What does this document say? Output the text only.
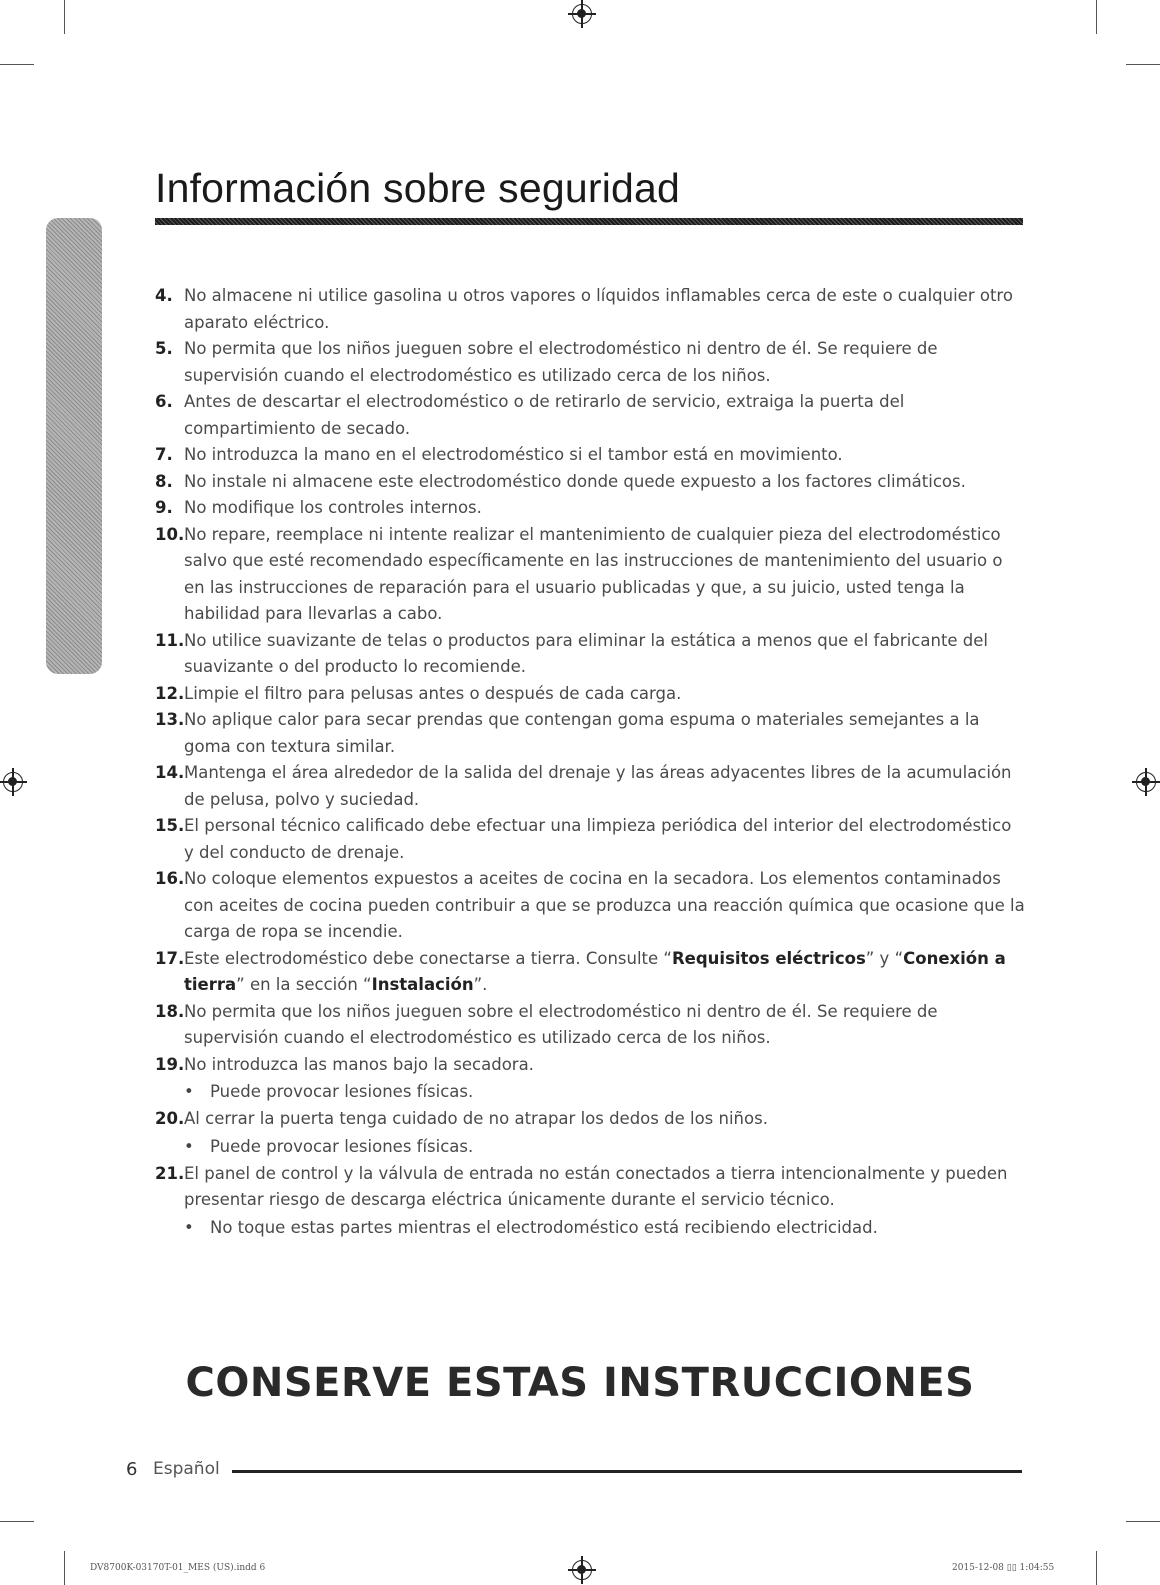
Información sobre seguridad
Información sobre seguridad
4. No almacene ni utilice gasolina u otros vapores o líquidos inflamables cerca de este o cualquier otro aparato eléctrico.
5. No permita que los niños jueguen sobre el electrodoméstico ni dentro de él. Se requiere de supervisión cuando el electrodoméstico es utilizado cerca de los niños.
6. Antes de descartar el electrodoméstico o de retirarlo de servicio, extraiga la puerta del compartimiento de secado.
7. No introduzca la mano en el electrodoméstico si el tambor está en movimiento.
8. No instale ni almacene este electrodoméstico donde quede expuesto a los factores climáticos.
9. No modifique los controles internos.
10. No repare, reemplace ni intente realizar el mantenimiento de cualquier pieza del electrodoméstico salvo que esté recomendado específicamente en las instrucciones de mantenimiento del usuario o en las instrucciones de reparación para el usuario publicadas y que, a su juicio, usted tenga la habilidad para llevarlas a cabo.
11. No utilice suavizante de telas o productos para eliminar la estática a menos que el fabricante del suavizante o del producto lo recomiende.
12. Limpie el filtro para pelusas antes o después de cada carga.
13. No aplique calor para secar prendas que contengan goma espuma o materiales semejantes a la goma con textura similar.
14. Mantenga el área alrededor de la salida del drenaje y las áreas adyacentes libres de la acumulación de pelusa, polvo y suciedad.
15. El personal técnico calificado debe efectuar una limpieza periódica del interior del electrodoméstico y del conducto de drenaje.
16. No coloque elementos expuestos a aceites de cocina en la secadora. Los elementos contaminados con aceites de cocina pueden contribuir a que se produzca una reacción química que ocasione que la carga de ropa se incendie.
17. Este electrodoméstico debe conectarse a tierra. Consulte “Requisitos eléctricos” y “Conexión a tierra” en la sección “Instalación”.
18. No permita que los niños jueguen sobre el electrodoméstico ni dentro de él. Se requiere de supervisión cuando el electrodoméstico es utilizado cerca de los niños.
19. No introduzca las manos bajo la secadora.
• Puede provocar lesiones físicas.
20. Al cerrar la puerta tenga cuidado de no atrapar los dedos de los niños.
• Puede provocar lesiones físicas.
21. El panel de control y la válvula de entrada no están conectados a tierra intencionalmente y pueden presentar riesgo de descarga eléctrica únicamente durante el servicio técnico.
• No toque estas partes mientras el electrodoméstico está recibiendo electricidad.
CONSERVE ESTAS INSTRUCCIONES
6 Español
DV8700K-03170T-01_MES (US).indd 6	2015-12-08 ▯▯ 1:04:55
